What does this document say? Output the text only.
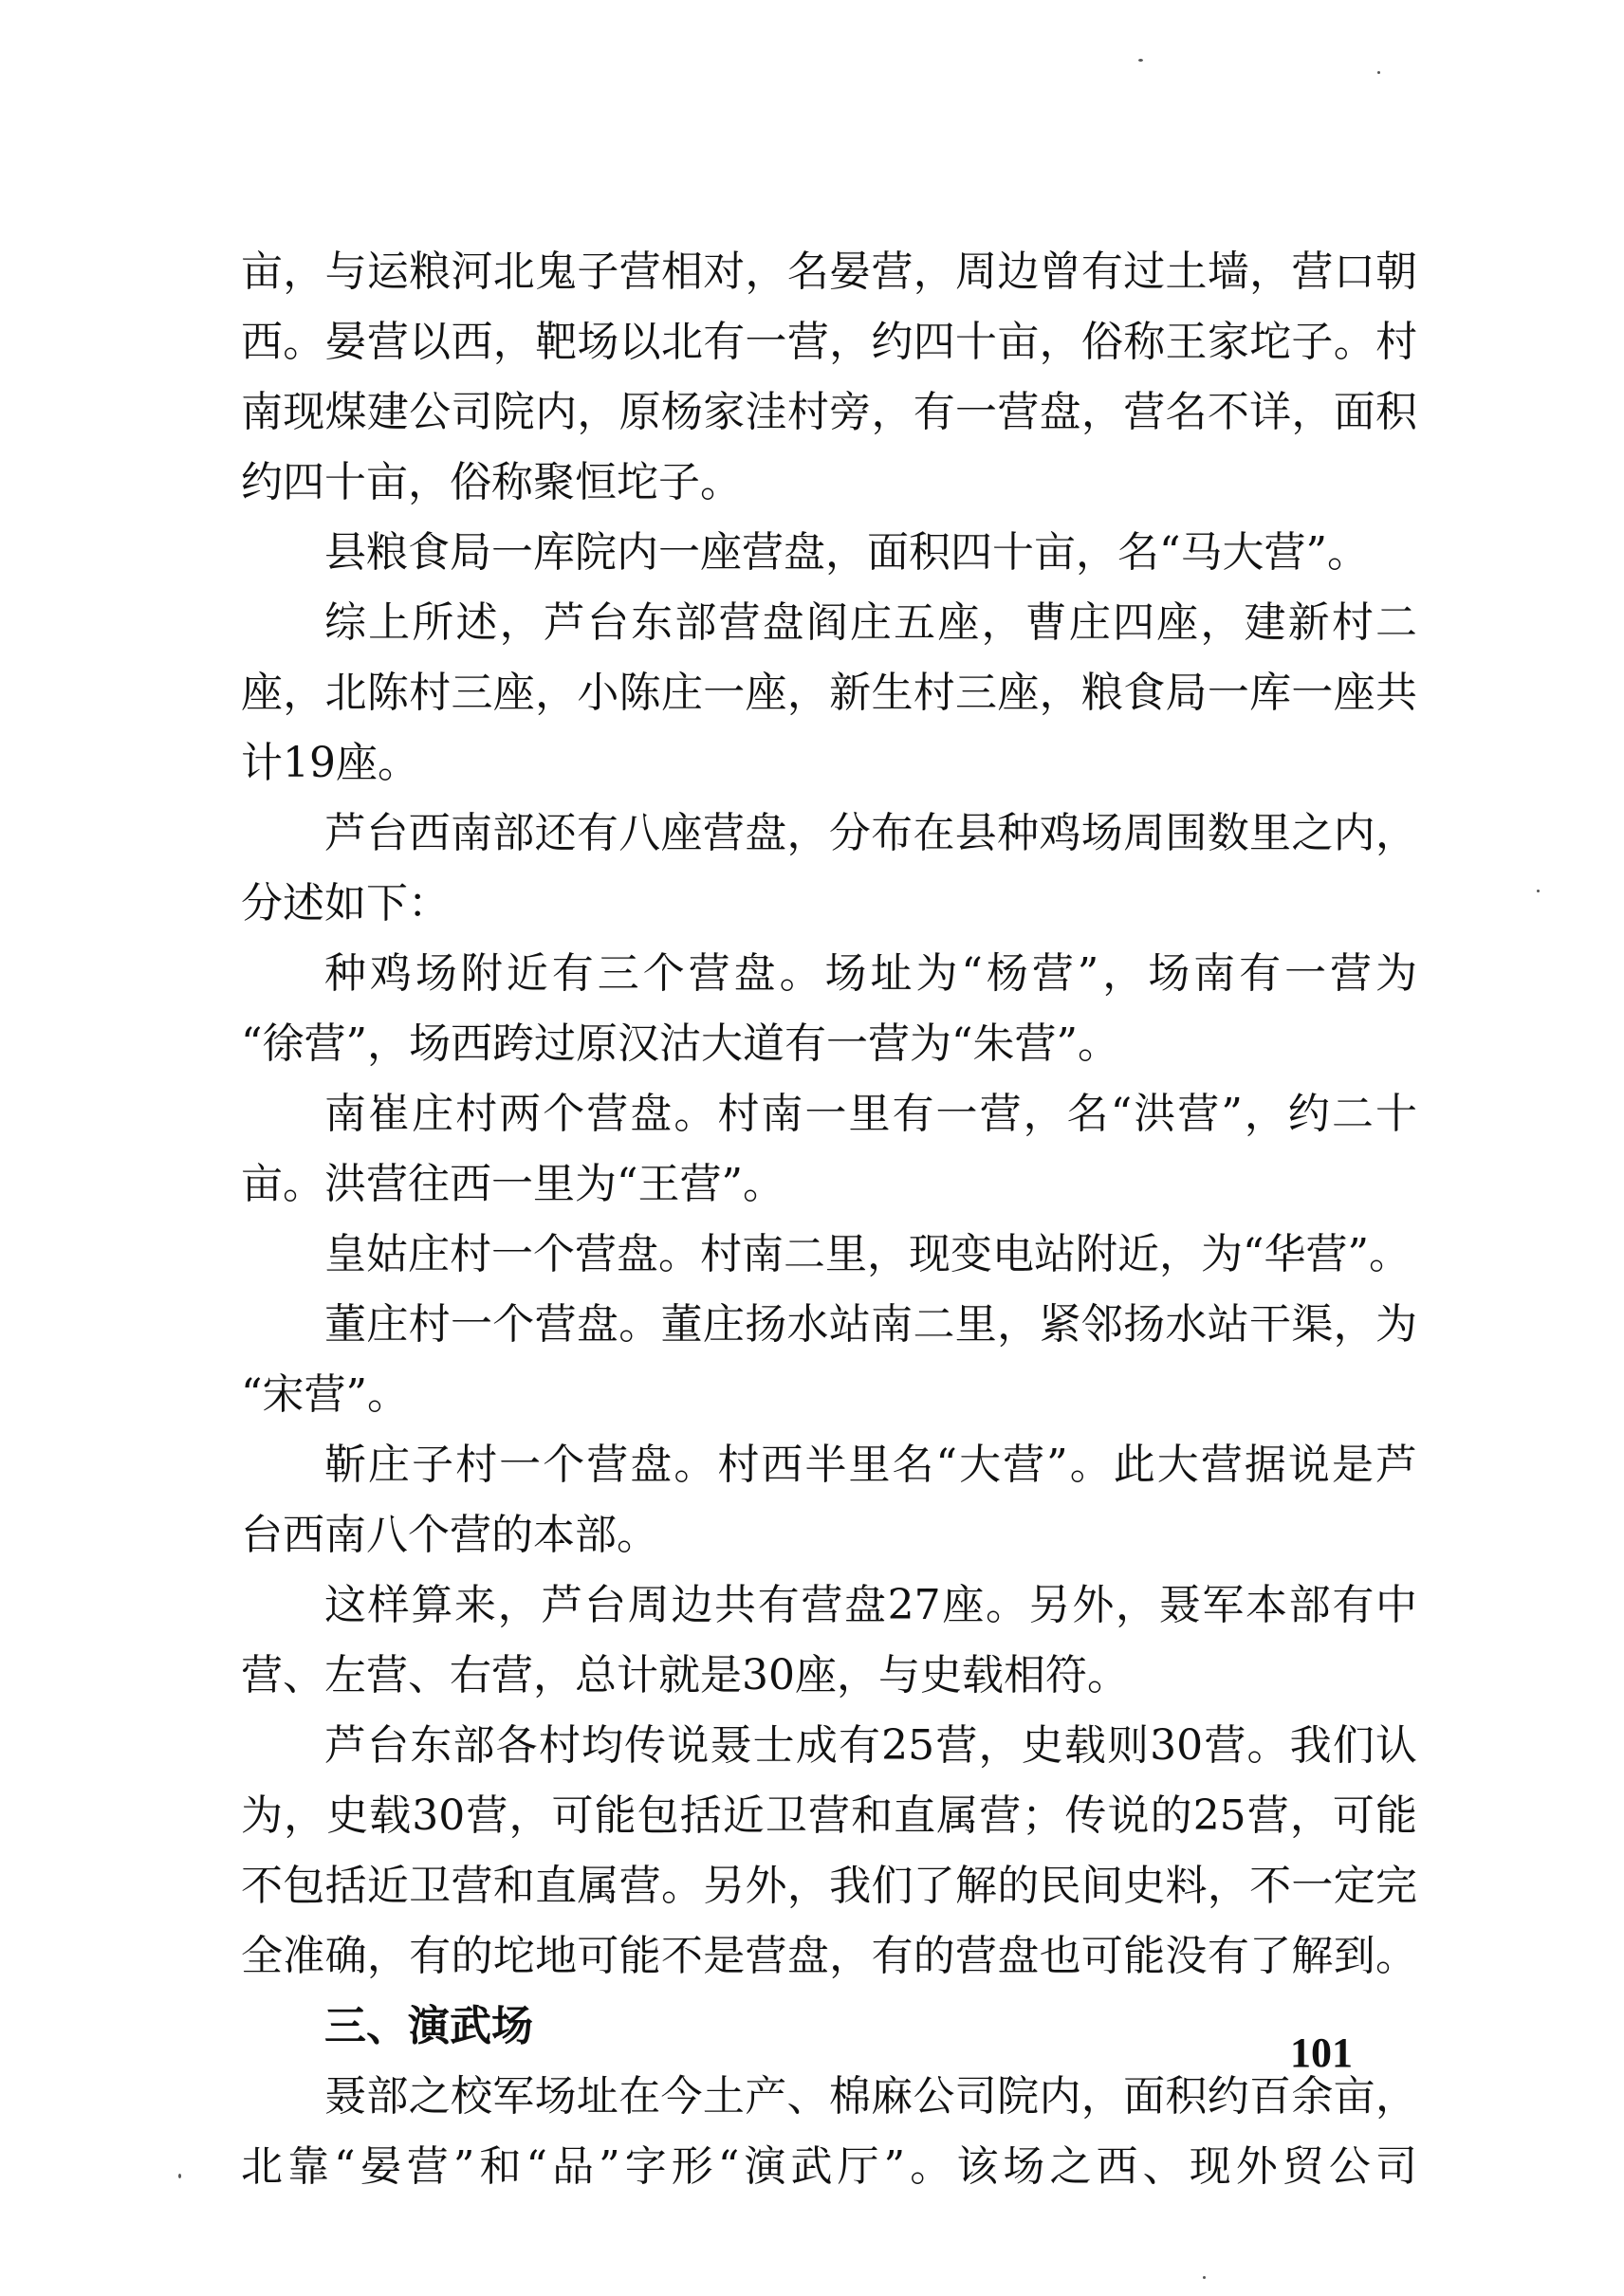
亩，与运粮河北鬼子营相对，名晏营，周边曾有过土墙，营口朝
西。晏营以西，靶场以北有一营，约四十亩，俗称王家坨子。村
南现煤建公司院内，原杨家洼村旁，有一营盘，营名不详，面积
约四十亩，俗称聚恒坨子。
县粮食局一库院内一座营盘，面积四十亩，名“马大营”。
综上所述，芦台东部营盘阎庄五座，曹庄四座，建新村二
座，北陈村三座，小陈庄一座，新生村三座，粮食局一库一座共
计19座。
芦台西南部还有八座营盘，分布在县种鸡场周围数里之内，
分述如下：
种鸡场附近有三个营盘。场址为“杨营”，场南有一营为
“徐营”，场西跨过原汉沽大道有一营为“朱营”。
南崔庄村两个营盘。村南一里有一营，名“洪营”，约二十
亩。洪营往西一里为“王营”。
皇姑庄村一个营盘。村南二里，现变电站附近，为“华营”。
董庄村一个营盘。董庄扬水站南二里，紧邻扬水站干渠，为
“宋营”。
靳庄子村一个营盘。村西半里名“大营”。此大营据说是芦
台西南八个营的本部。
这样算来，芦台周边共有营盘27座。另外，聂军本部有中
营、左营、右营，总计就是30座，与史载相符。
芦台东部各村均传说聂士成有25营，史载则30营。我们认
为，史载30营，可能包括近卫营和直属营；传说的25营，可能
不包括近卫营和直属营。另外，我们了解的民间史料，不一定完
全准确，有的坨地可能不是营盘，有的营盘也可能没有了解到。
三、演武场
聂部之校军场址在今土产、棉麻公司院内，面积约百余亩，
北靠“晏营”和“品”字形“演武厅”。该场之西、现外贸公司
101
